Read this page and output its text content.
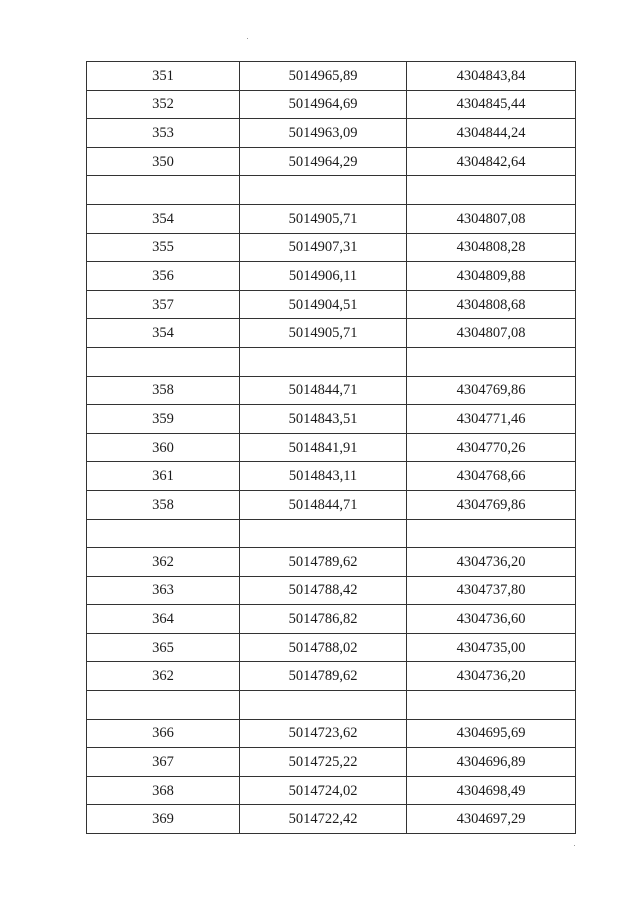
351	5014965,89	4304843,84
352	5014964,69	4304845,44
353	5014963,09	4304844,24
350	5014964,29	4304842,64

354	5014905,71	4304807,08
355	5014907,31	4304808,28
356	5014906,11	4304809,88
357	5014904,51	4304808,68
354	5014905,71	4304807,08

358	5014844,71	4304769,86
359	5014843,51	4304771,46
360	5014841,91	4304770,26
361	5014843,11	4304768,66
358	5014844,71	4304769,86

362	5014789,62	4304736,20
363	5014788,42	4304737,80
364	5014786,82	4304736,60
365	5014788,02	4304735,00
362	5014789,62	4304736,20

366	5014723,62	4304695,69
367	5014725,22	4304696,89
368	5014724,02	4304698,49
369	5014722,42	4304697,29
